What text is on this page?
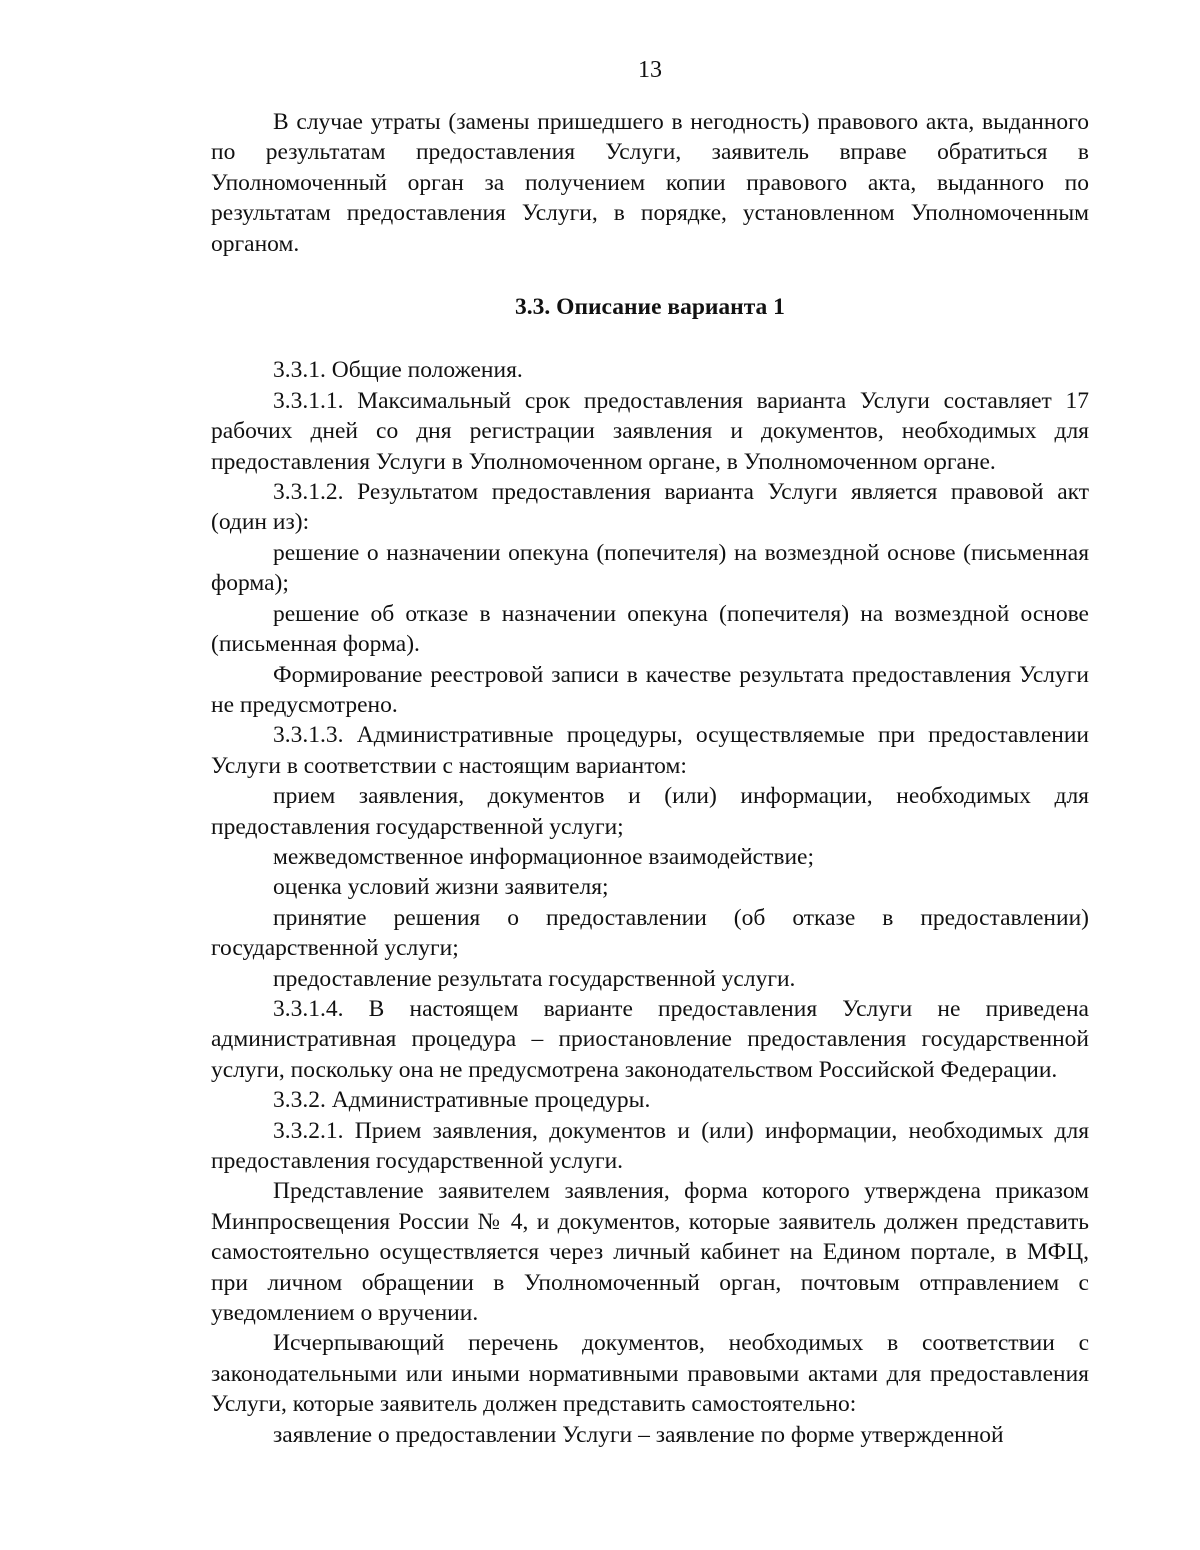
13

В случае утраты (замены пришедшего в негодность) правового акта, выданного по результатам предоставления Услуги, заявитель вправе обратиться в Уполномоченный орган за получением копии правового акта, выданного по результатам предоставления Услуги, в порядке, установленном Уполномоченным органом.

3.3. Описание варианта 1

3.3.1. Общие положения.

3.3.1.1. Максимальный срок предоставления варианта Услуги составляет 17 рабочих дней со дня регистрации заявления и документов, необходимых для предоставления Услуги в Уполномоченном органе, в Уполномоченном органе.

3.3.1.2. Результатом предоставления варианта Услуги является правовой акт (один из):

решение о назначении опекуна (попечителя) на возмездной основе (письменная форма);

решение об отказе в назначении опекуна (попечителя) на возмездной основе (письменная форма).

Формирование реестровой записи в качестве результата предоставления Услуги не предусмотрено.

3.3.1.3. Административные процедуры, осуществляемые при предоставлении Услуги в соответствии с настоящим вариантом:

прием заявления, документов и (или) информации, необходимых для предоставления государственной услуги;

межведомственное информационное взаимодействие;

оценка условий жизни заявителя;

принятие решения о предоставлении (об отказе в предоставлении) государственной услуги;

предоставление результата государственной услуги.

3.3.1.4. В настоящем варианте предоставления Услуги не приведена административная процедура – приостановление предоставления государственной услуги, поскольку она не предусмотрена законодательством Российской Федерации.

3.3.2. Административные процедуры.

3.3.2.1. Прием заявления, документов и (или) информации, необходимых для предоставления государственной услуги.

Представление заявителем заявления, форма которого утверждена приказом Минпросвещения России № 4, и документов, которые заявитель должен представить самостоятельно осуществляется через личный кабинет на Едином портале, в МФЦ, при личном обращении в Уполномоченный орган, почтовым отправлением с уведомлением о вручении.

Исчерпывающий перечень документов, необходимых в соответствии с законодательными или иными нормативными правовыми актами для предоставления Услуги, которые заявитель должен представить самостоятельно:

заявление о предоставлении Услуги – заявление по форме утвержденной
